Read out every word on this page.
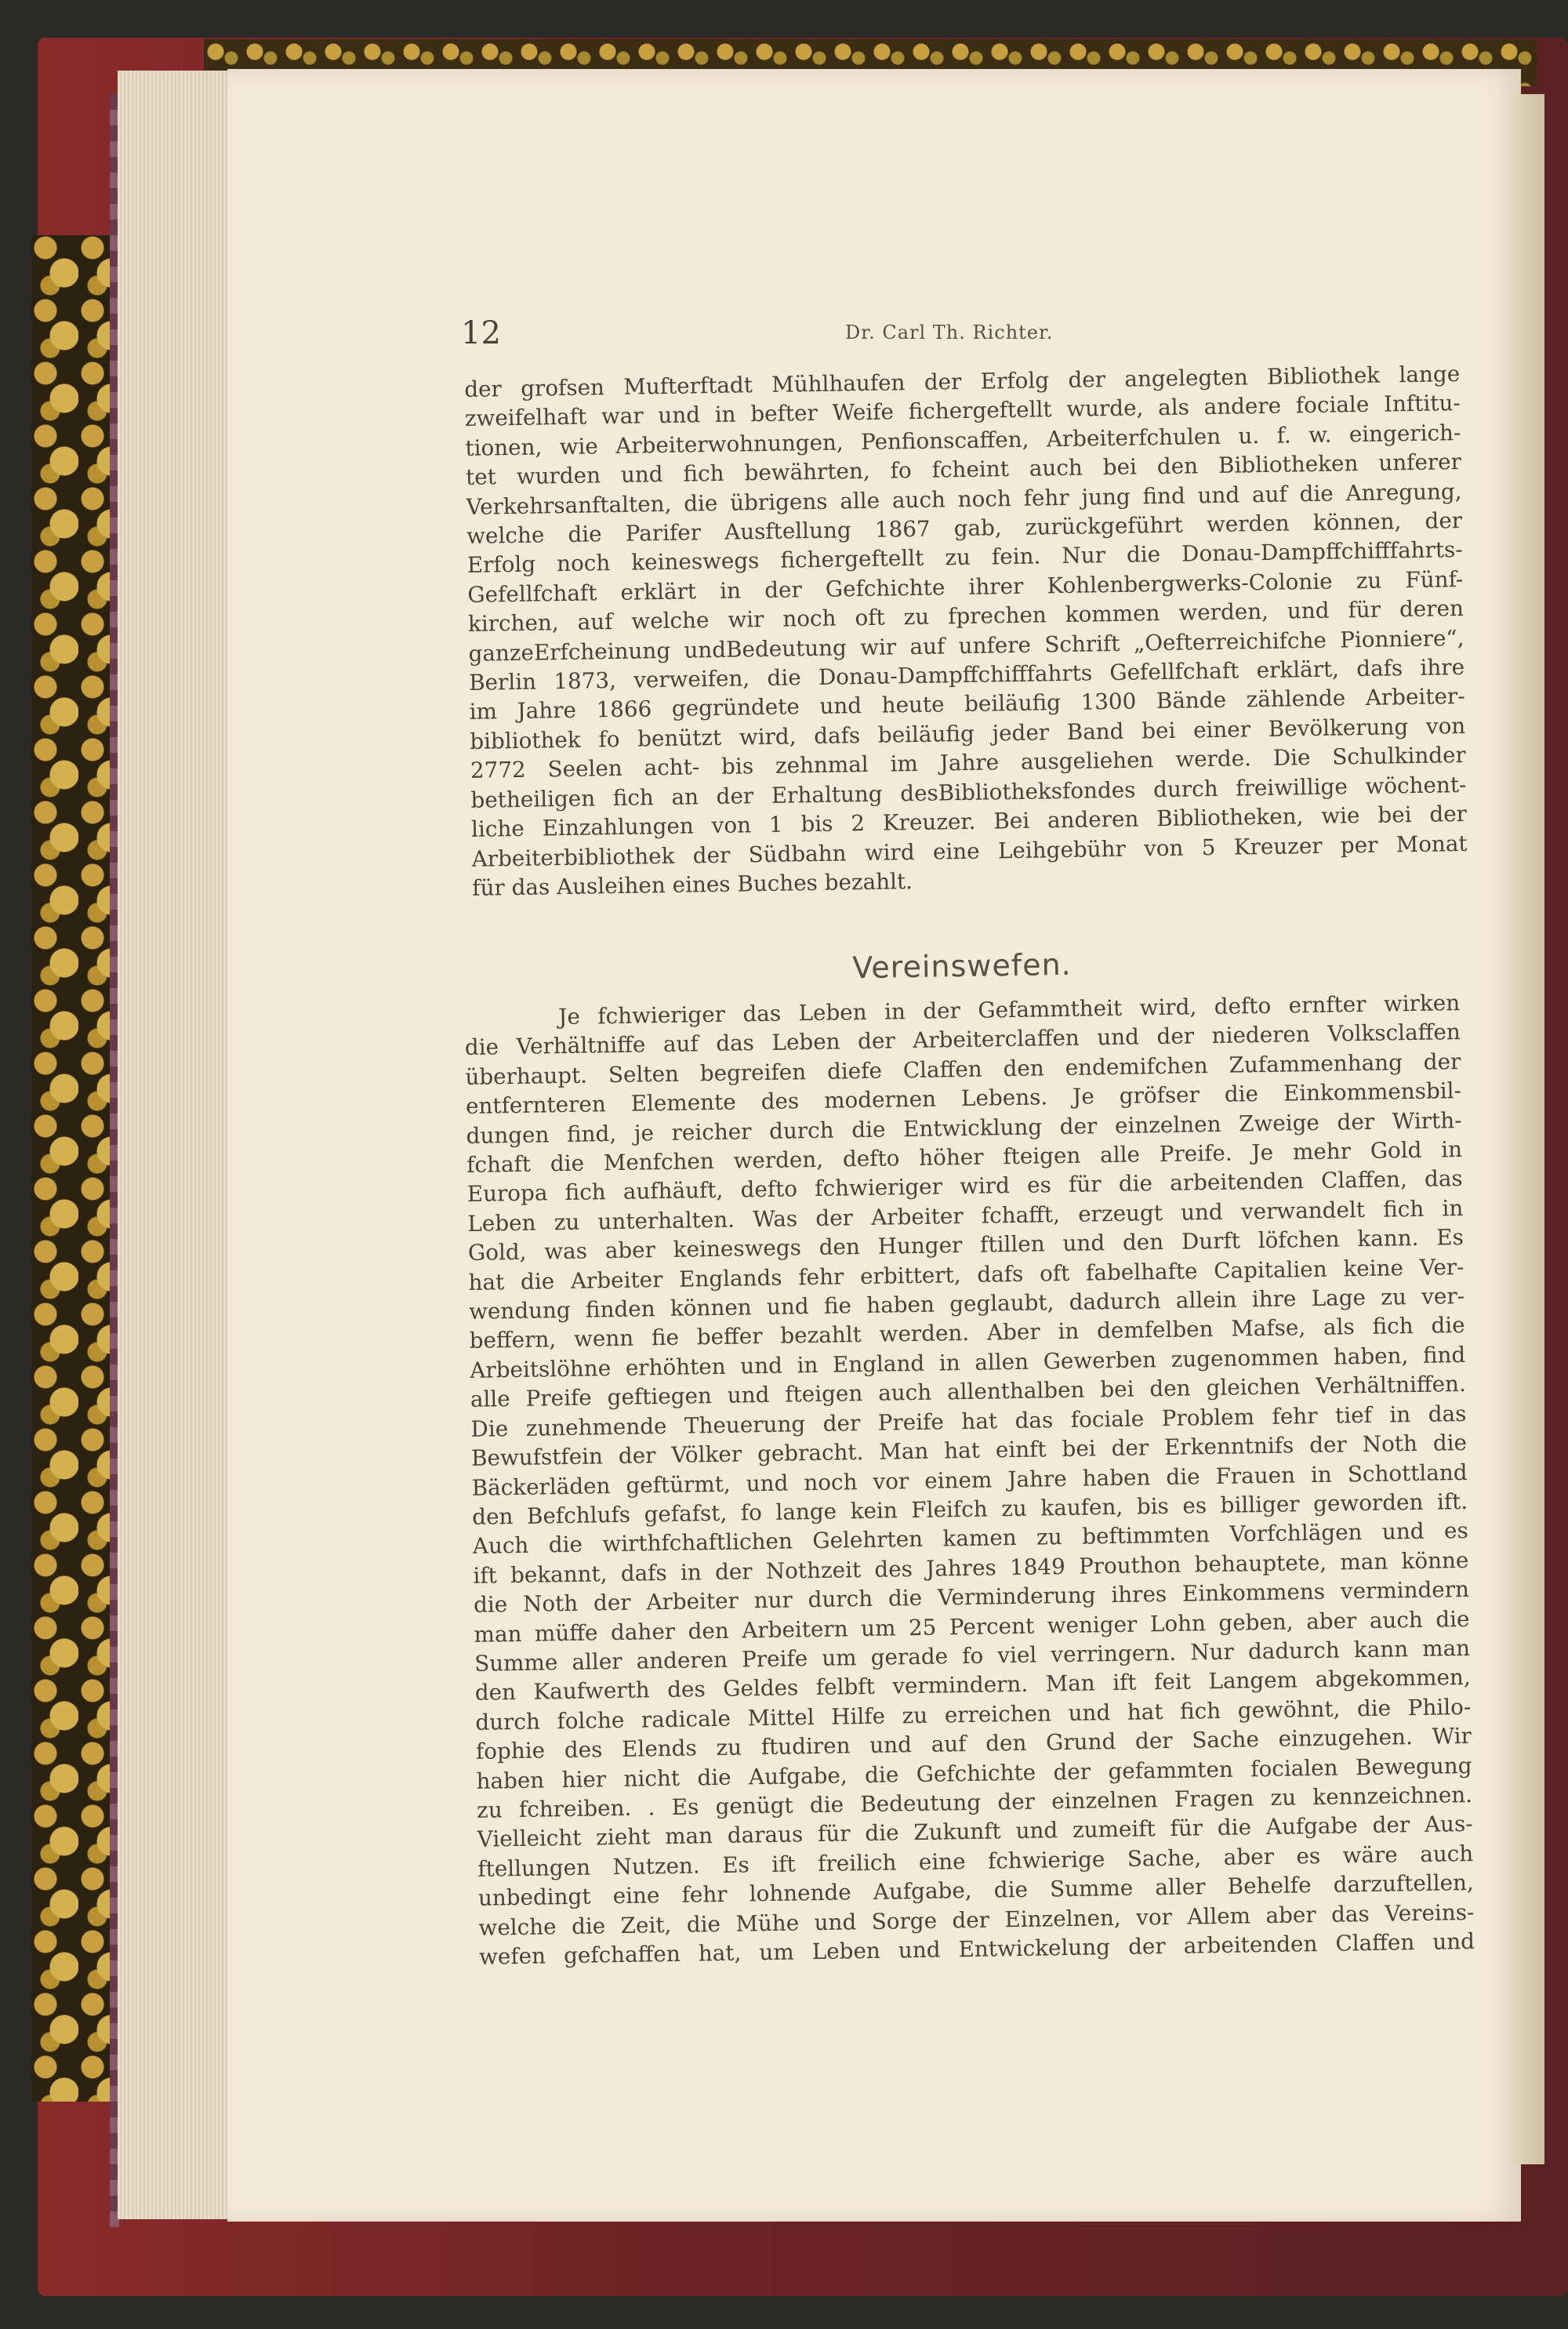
12	Dr. Carl Th. Richter.
der grofsen Mufterftadt Mühlhaufen der Erfolg der angelegten Bibliothek lange
zweifelhaft war und in befter Weife fichergeftellt wurde, als andere fociale Inftitu-
tionen, wie Arbeiterwohnungen, Penfionscaffen, Arbeiterfchulen u. f. w. eingerich-
tet wurden und fich bewährten, fo fcheint auch bei den Bibliotheken unferer
Verkehrsanftalten, die übrigens alle auch noch fehr jung find und auf die Anregung,
welche die Parifer Ausftellung 1867 gab, zurückgeführt werden können, der
Erfolg noch keineswegs fichergeftellt zu fein. Nur die Donau-Dampffchifffahrts-
Gefellfchaft erklärt in der Gefchichte ihrer Kohlenbergwerks-Colonie zu Fünf-
kirchen, auf welche wir noch oft zu fprechen kommen werden, und für deren
ganzeErfcheinung undBedeutung wir auf unfere Schrift „Oefterreichifche Pionniere“,
Berlin 1873, verweifen, die Donau-Dampffchifffahrts Gefellfchaft erklärt, dafs ihre
im Jahre 1866 gegründete und heute beiläufig 1300 Bände zählende Arbeiter-
bibliothek fo benützt wird, dafs beiläufig jeder Band bei einer Bevölkerung von
2772 Seelen acht- bis zehnmal im Jahre ausgeliehen werde. Die Schulkinder
betheiligen fich an der Erhaltung desBibliotheksfondes durch freiwillige wöchent-
liche Einzahlungen von 1 bis 2 Kreuzer. Bei anderen Bibliotheken, wie bei der
Arbeiterbibliothek der Südbahn wird eine Leihgebühr von 5 Kreuzer per Monat
für das Ausleihen eines Buches bezahlt.
Vereinswefen.
Je fchwieriger das Leben in der Gefammtheit wird, defto ernfter wirken
die Verhältniffe auf das Leben der Arbeiterclaffen und der niederen Volksclaffen
überhaupt. Selten begreifen diefe Claffen den endemifchen Zufammenhang der
entfernteren Elemente des modernen Lebens. Je gröfser die Einkommensbil-
dungen find, je reicher durch die Entwicklung der einzelnen Zweige der Wirth-
fchaft die Menfchen werden, defto höher fteigen alle Preife. Je mehr Gold in
Europa fich aufhäuft, defto fchwieriger wird es für die arbeitenden Claffen, das
Leben zu unterhalten. Was der Arbeiter fchafft, erzeugt und verwandelt fich in
Gold, was aber keineswegs den Hunger ftillen und den Durft löfchen kann. Es
hat die Arbeiter Englands fehr erbittert, dafs oft fabelhafte Capitalien keine Ver-
wendung finden können und fie haben geglaubt, dadurch allein ihre Lage zu ver-
beffern, wenn fie beffer bezahlt werden. Aber in demfelben Mafse, als fich die
Arbeitslöhne erhöhten und in England in allen Gewerben zugenommen haben, find
alle Preife geftiegen und fteigen auch allenthalben bei den gleichen Verhältniffen.
Die zunehmende Theuerung der Preife hat das fociale Problem fehr tief in das
Bewufstfein der Völker gebracht. Man hat einft bei der Erkenntnifs der Noth die
Bäckerläden geftürmt, und noch vor einem Jahre haben die Frauen in Schottland
den Befchlufs gefafst, fo lange kein Fleifch zu kaufen, bis es billiger geworden ift.
Auch die wirthfchaftlichen Gelehrten kamen zu beftimmten Vorfchlägen und es
ift bekannt, dafs in der Nothzeit des Jahres 1849 Prouthon behauptete, man könne
die Noth der Arbeiter nur durch die Verminderung ihres Einkommens vermindern
man müffe daher den Arbeitern um 25 Percent weniger Lohn geben, aber auch die
Summe aller anderen Preife um gerade fo viel verringern. Nur dadurch kann man
den Kaufwerth des Geldes felbft vermindern. Man ift feit Langem abgekommen,
durch folche radicale Mittel Hilfe zu erreichen und hat fich gewöhnt, die Philo-
fophie des Elends zu ftudiren und auf den Grund der Sache einzugehen. Wir
haben hier nicht die Aufgabe, die Gefchichte der gefammten focialen Bewegung
zu fchreiben. . Es genügt die Bedeutung der einzelnen Fragen zu kennzeichnen.
Vielleicht zieht man daraus für die Zukunft und zumeift für die Aufgabe der Aus-
ftellungen Nutzen. Es ift freilich eine fchwierige Sache, aber es wäre auch
unbedingt eine fehr lohnende Aufgabe, die Summe aller Behelfe darzuftellen,
welche die Zeit, die Mühe und Sorge der Einzelnen, vor Allem aber das Vereins-
wefen gefchaffen hat, um Leben und Entwickelung der arbeitenden Claffen und
